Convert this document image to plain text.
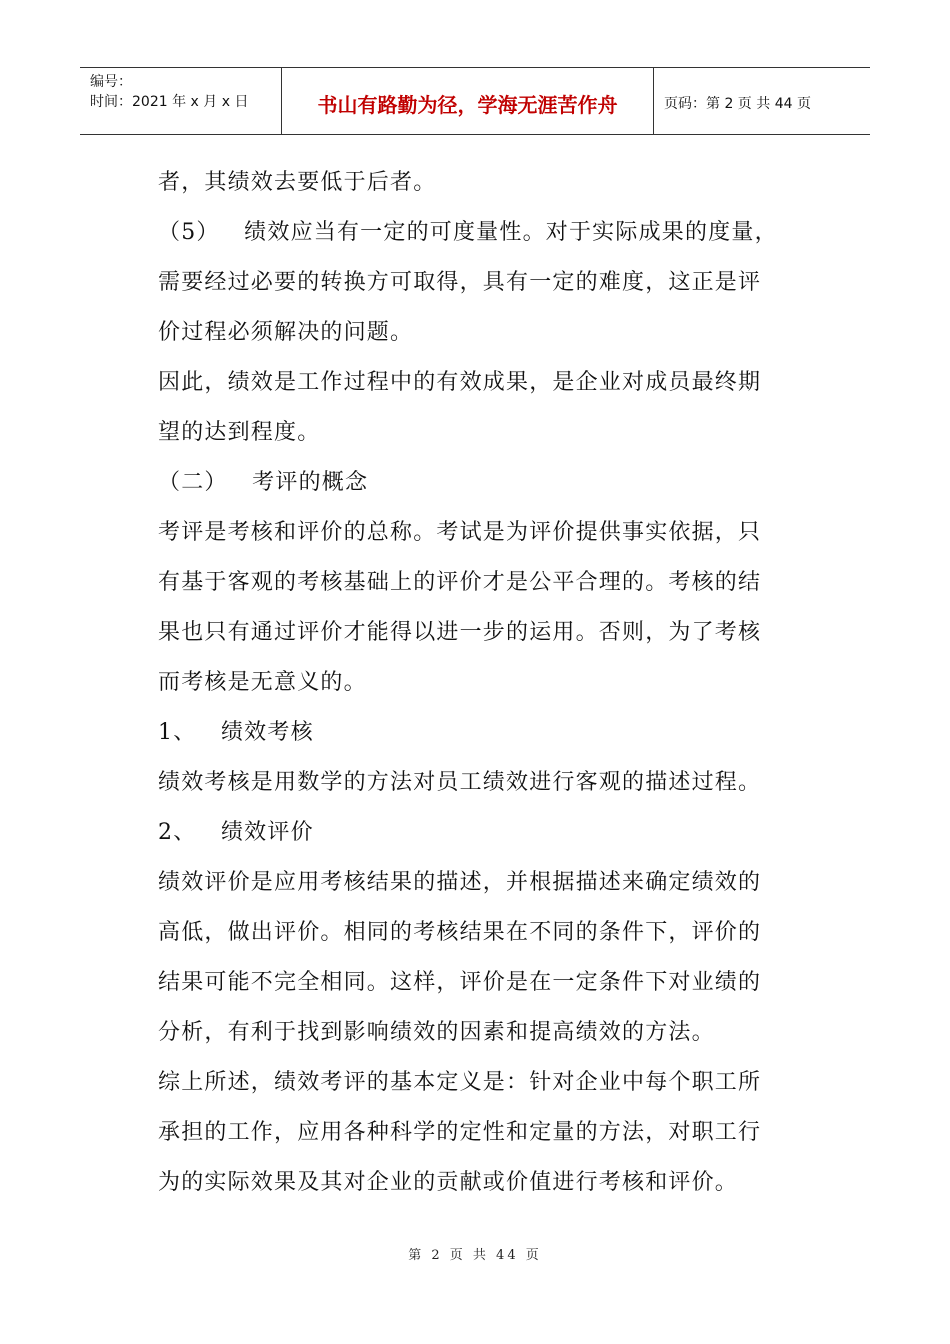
编号：
时间：2021 年 x 月 x 日	书山有路勤为径，学海无涯苦作舟	页码：第 2 页 共 44 页

者，其绩效去要低于后者。

（5）   绩效应当有一定的可度量性。对于实际成果的度量，

需要经过必要的转换方可取得，具有一定的难度，这正是评

价过程必须解决的问题。

因此，绩效是工作过程中的有效成果，是企业对成员最终期

望的达到程度。

（二）   考评的概念

考评是考核和评价的总称。考试是为评价提供事实依据，只

有基于客观的考核基础上的评价才是公平合理的。考核的结

果也只有通过评价才能得以进一步的运用。否则，为了考核

而考核是无意义的。

1、   绩效考核

绩效考核是用数学的方法对员工绩效进行客观的描述过程。

2、   绩效评价

绩效评价是应用考核结果的描述，并根据描述来确定绩效的

高低，做出评价。相同的考核结果在不同的条件下，评价的

结果可能不完全相同。这样，评价是在一定条件下对业绩的

分析，有利于找到影响绩效的因素和提高绩效的方法。

综上所述，绩效考评的基本定义是：针对企业中每个职工所

承担的工作，应用各种科学的定性和定量的方法，对职工行

为的实际效果及其对企业的贡献或价值进行考核和评价。

第 2 页 共 44 页
